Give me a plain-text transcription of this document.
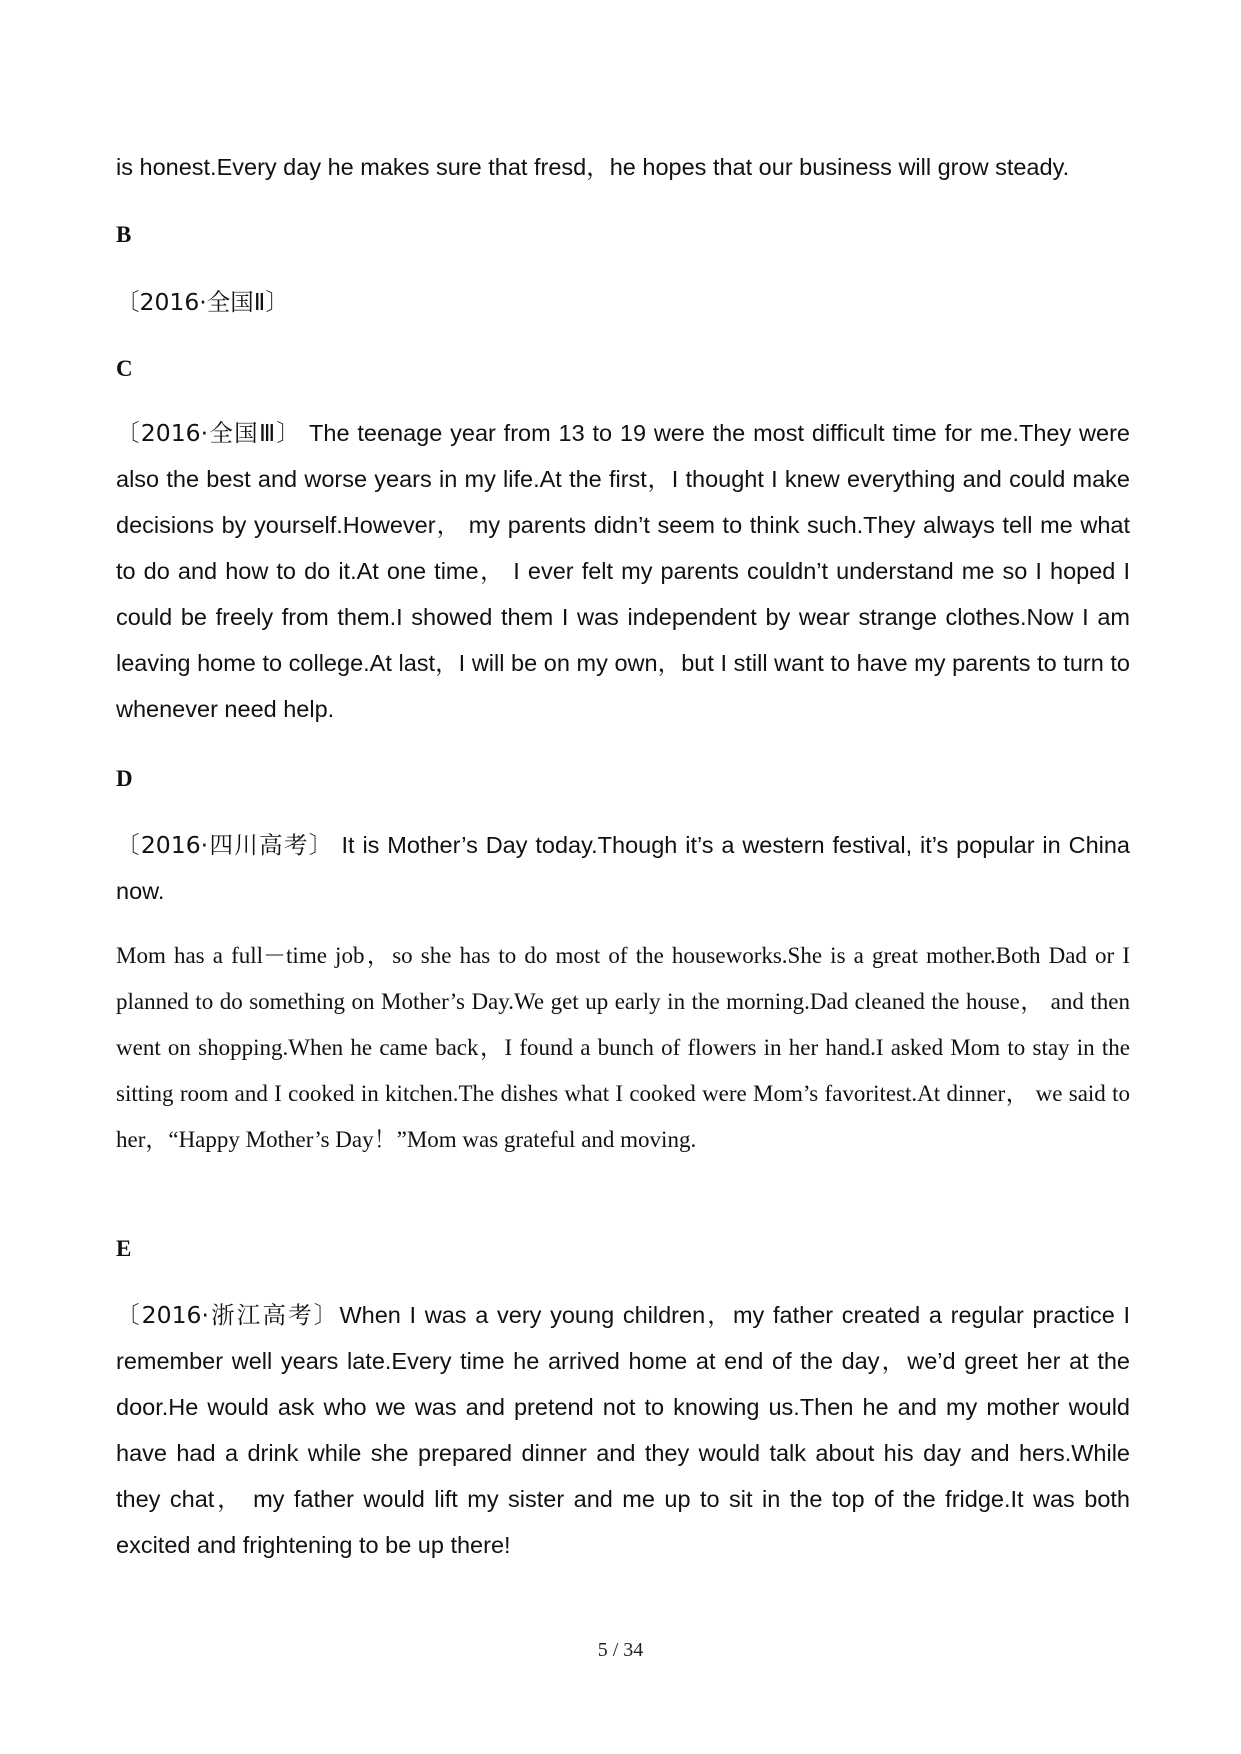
is honest.Every day he makes sure that fresd，he hopes that our business will grow steady.

B

〔2016·全国Ⅱ〕

C

〔2016·全国Ⅲ〕 The teenage year from 13 to 19 were the most difficult time for me.They were also the best and worse years in my life.At the first，I thought I knew everything and could make decisions by yourself.However， my parents didn’t seem to think such.They always tell me what to do and how to do it.At one time， I ever felt my parents couldn’t understand me so I hoped I could be freely from them.I showed them I was independent by wear strange clothes.Now I am leaving home to college.At last，I will be on my own，but I still want to have my parents to turn to whenever need help.

D

〔2016·四川高考〕 It is Mother’s Day today.Though it’s a western festival, it’s popular in China now.

Mom has a full－time job，so she has to do most of the houseworks.She is a great mother.Both Dad or I planned to do something on Mother’s Day.We get up early in the morning.Dad cleaned the house， and then went on shopping.When he came back，I found a bunch of flowers in her hand.I asked Mom to stay in the sitting room and I cooked in kitchen.The dishes what I cooked were Mom’s favoritest.At dinner， we said to her，“Happy Mother’s Day！”Mom was grateful and moving.

E

〔2016·浙江高考〕When I was a very young children，my father created a regular practice I remember well years late.Every time he arrived home at end of the day，we’d greet her at the door.He would ask who we was and pretend not to knowing us.Then he and my mother would have had a drink while she prepared dinner and they would talk about his day and hers.While they chat， my father would lift my sister and me up to sit in the top of the fridge.It was both excited and frightening to be up there!

5 / 34
